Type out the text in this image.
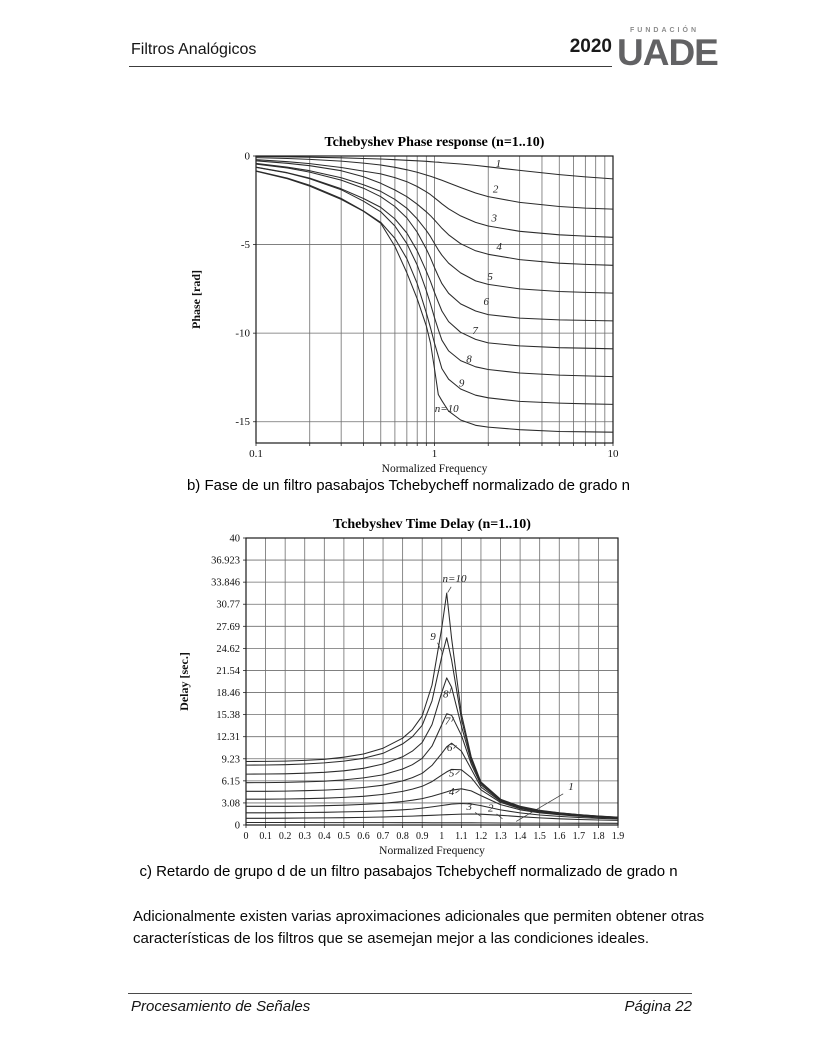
Filtros Analógicos	2020
FUNDACIÓN
UADE
1
2
3
4
5
6
7
8
9
n=10
0
-5
-10
-15
0.1	1	10
Tchebyshev Phase response (n=1..10)
Normalized Frequency
Phase [rad]
b) Fase de un filtro pasabajos Tchebycheff normalizado de grado n
1
2
3
4
5
6
7
8
9
n=10
40
36.923
33.846
30.77
27.69
24.62
21.54
18.46
15.38
12.31
9.23
6.15
3.08
0
0 0.1 0.2 0.3 0.4 0.5 0.6 0.7 0.8 0.9 1 1.1 1.2 1.3 1.4 1.5 1.6 1.7 1.8 1.9
Tchebyshev Time Delay (n=1..10)
Normalized Frequency
Delay [sec.]
c) Retardo de grupo d de un filtro pasabajos Tchebycheff normalizado de grado n
Adicionalmente existen varias aproximaciones adicionales que permiten obtener otras características de los filtros que se asemejan mejor a las condiciones ideales.
Procesamiento de Señales	Página 22
